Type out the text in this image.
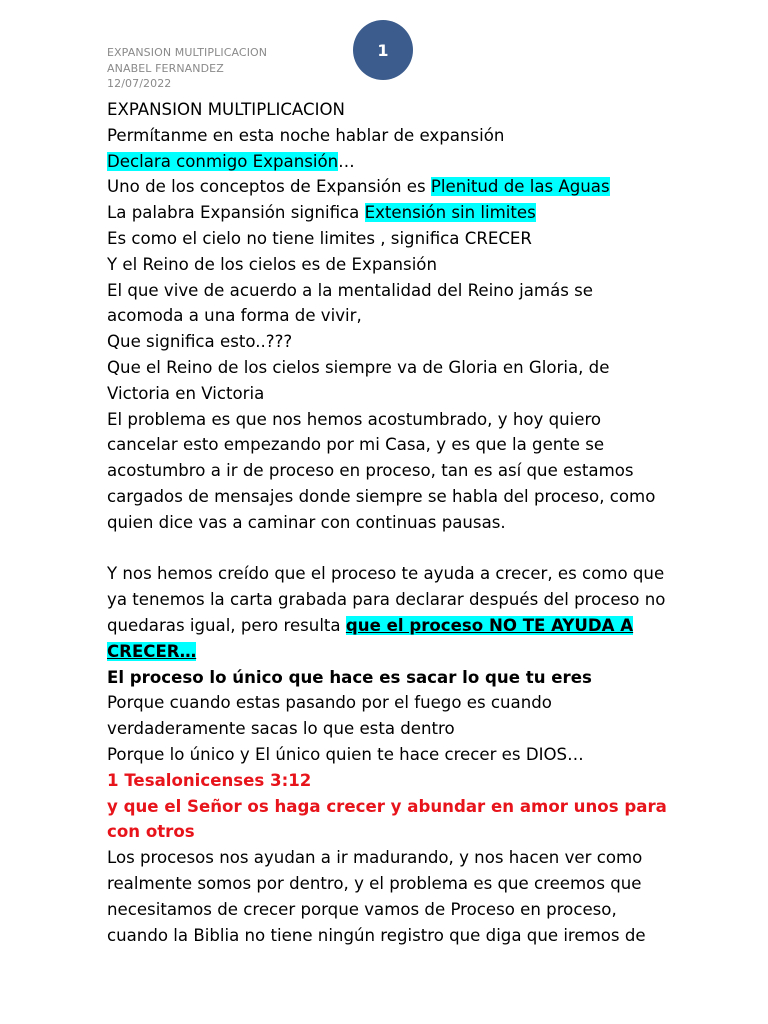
1
EXPANSION MULTIPLICACION
ANABEL FERNANDEZ
12/07/2022
EXPANSION MULTIPLICACION
Permítanme en esta noche hablar de expansión
Declara conmigo Expansión…
Uno de los conceptos de Expansión es Plenitud de las Aguas
La palabra Expansión significa Extensión sin limites
Es como el cielo no tiene limites , significa CRECER
Y el Reino de los cielos es de Expansión
El que vive de acuerdo a la mentalidad del Reino jamás se acomoda a una forma de vivir,
Que significa esto..???
Que el Reino de los cielos siempre va de Gloria en Gloria, de Victoria en Victoria
El problema es que nos hemos acostumbrado, y hoy quiero cancelar esto empezando por mi Casa, y es que la gente se acostumbro a ir de proceso en proceso, tan es así que estamos cargados de mensajes donde siempre se habla del proceso, como quien dice vas a caminar con continuas pausas.
Y nos hemos creído que el proceso te ayuda a crecer, es como que ya tenemos la carta grabada para declarar después del proceso no quedaras igual, pero resulta que el proceso NO TE AYUDA A CRECER…
El proceso lo único que hace es sacar lo que tu eres
Porque cuando estas pasando por el fuego es cuando verdaderamente sacas lo que esta dentro
Porque lo único y El único quien te hace crecer es DIOS…
1 Tesalonicenses 3:12
y que el Señor os haga crecer y abundar en amor unos para con otros
Los procesos nos ayudan a ir madurando, y nos hacen ver como realmente somos por dentro, y el problema es que creemos que necesitamos de crecer porque vamos de Proceso en proceso, cuando la Biblia no tiene ningún registro que diga que iremos de
